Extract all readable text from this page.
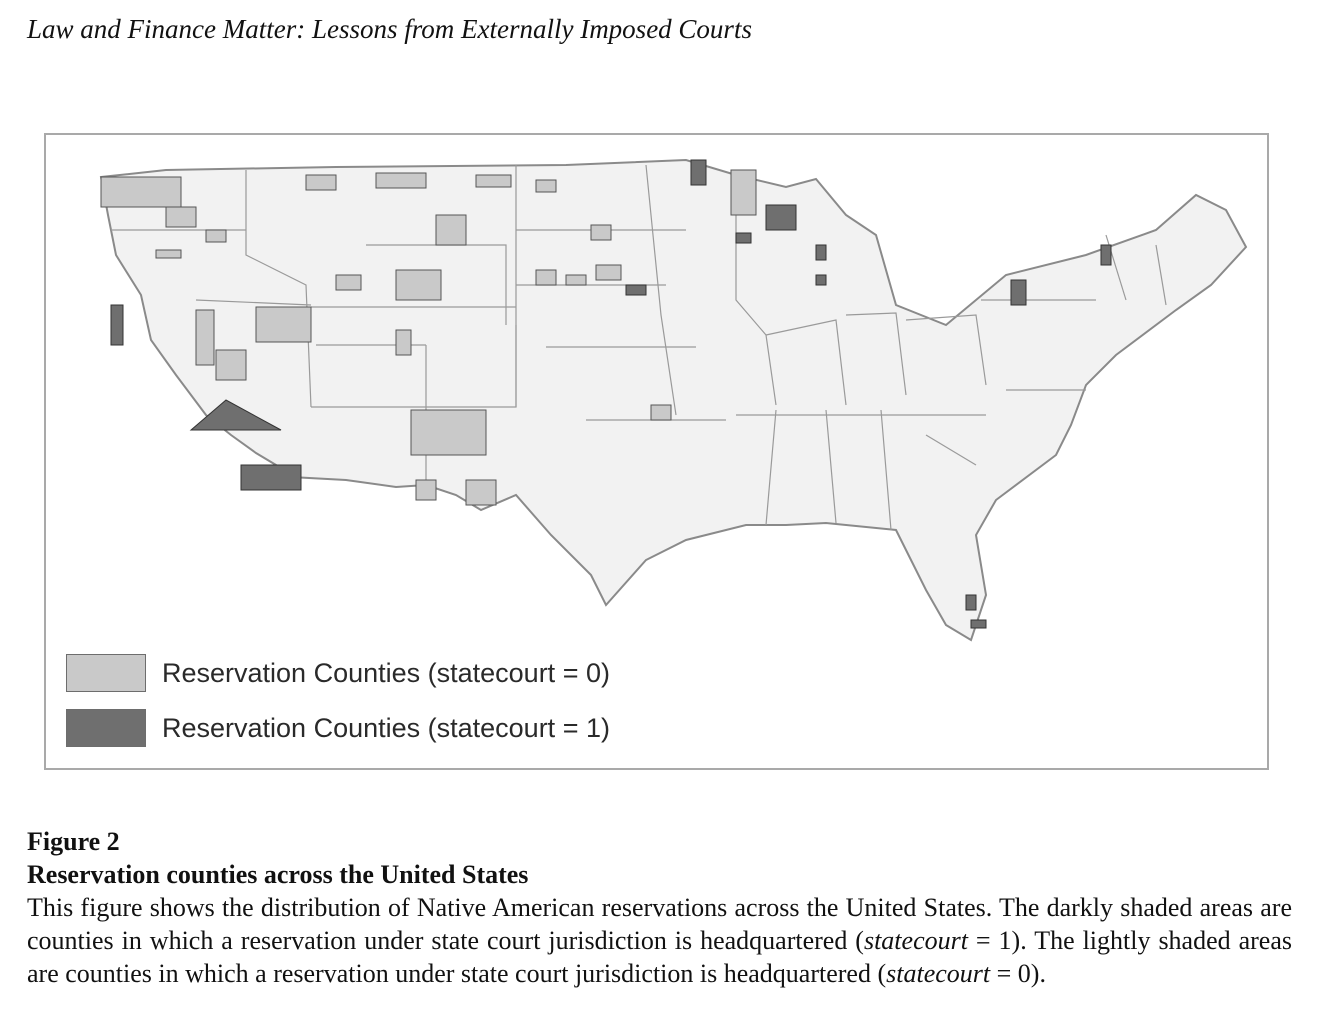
Law and Finance Matter: Lessons from Externally Imposed Courts
Reservation Counties (statecourt = 0)
Reservation Counties (statecourt = 1)
Figure 2
Reservation counties across the United States
This figure shows the distribution of Native American reservations across the United States. The darkly shaded areas are counties in which a reservation under state court jurisdiction is headquartered (statecourt = 1). The lightly shaded areas are counties in which a reservation under state court jurisdiction is headquartered (statecourt = 0).
